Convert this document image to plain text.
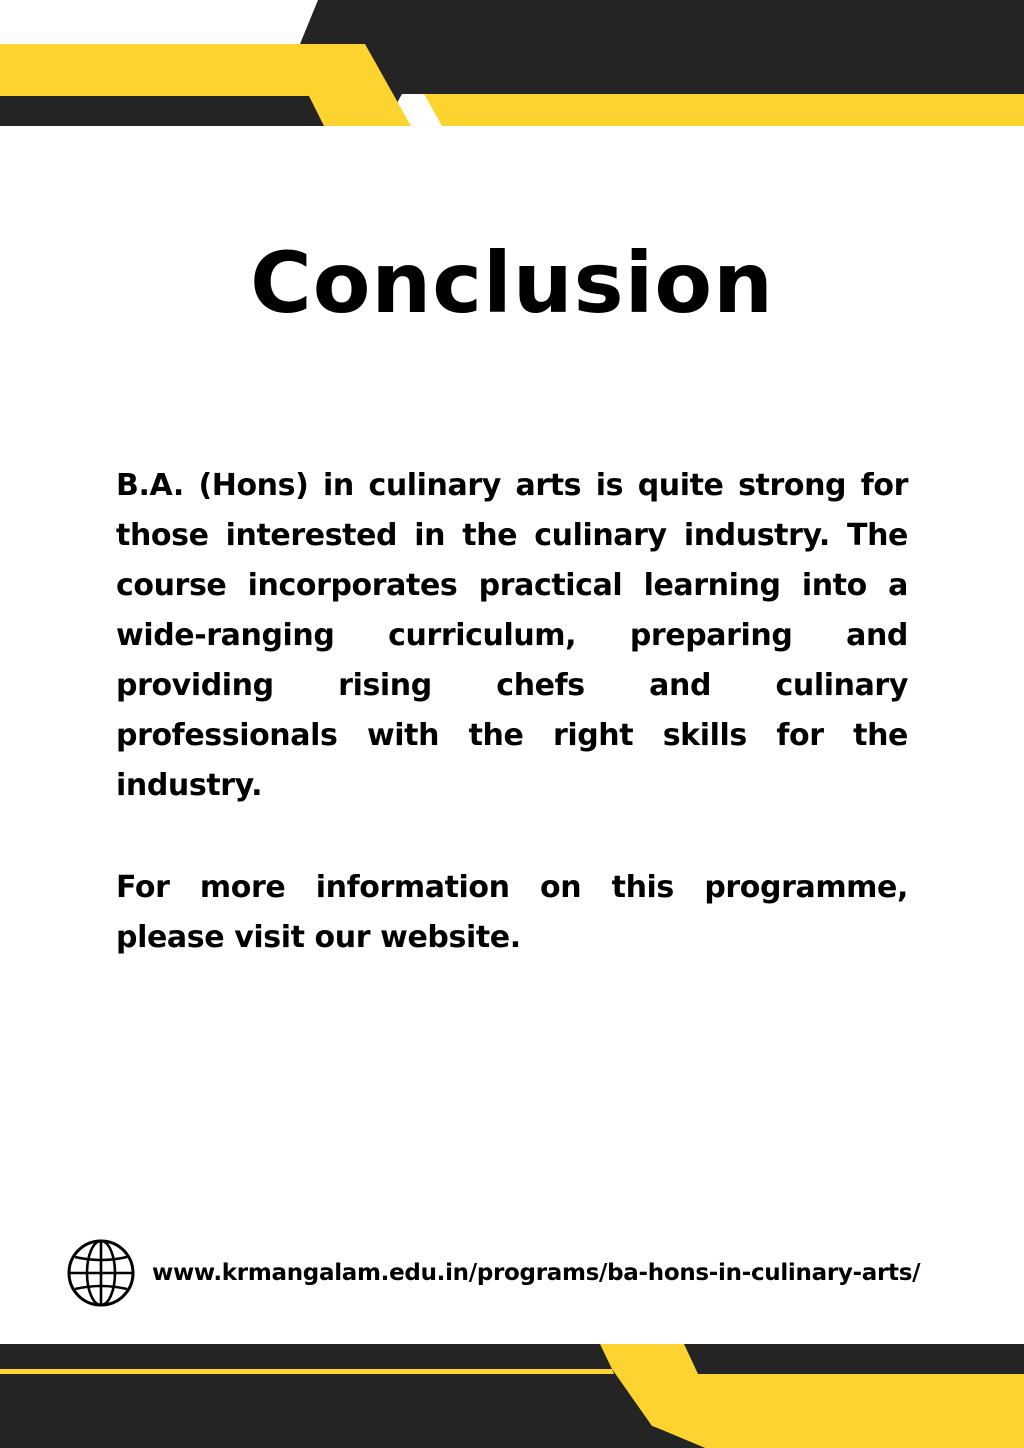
Conclusion

B.A. (Hons) in culinary arts is quite strong for those interested in the culinary industry. The course incorporates practical learning into a wide-ranging curriculum, preparing and providing rising chefs and culinary professionals with the right skills for the industry.

For more information on this programme, please visit our website.

www.krmangalam.edu.in/programs/ba-hons-in-culinary-arts/
